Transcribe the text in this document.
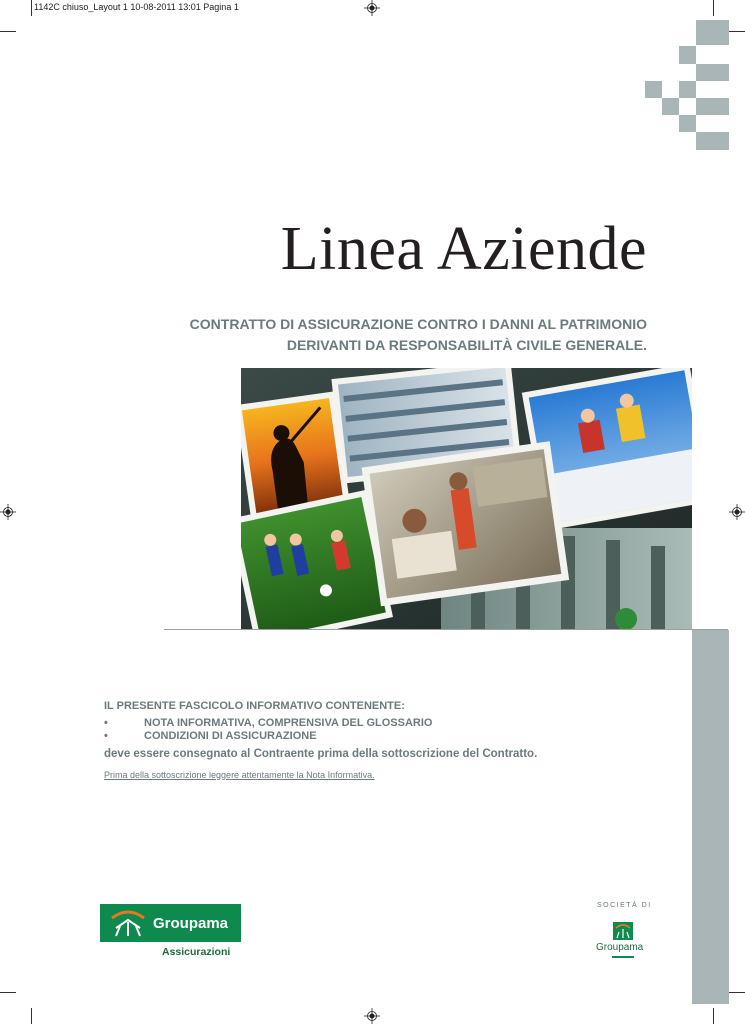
1142C chiuso_Layout 1 10-08-2011 13:01 Pagina 1
Linea Aziende
CONTRATTO DI ASSICURAZIONE CONTRO I DANNI AL PATRIMONIO
DERIVANTI DA RESPONSABILITÀ CIVILE GENERALE.
IL PRESENTE FASCICOLO INFORMATIVO CONTENENTE:
•	NOTA INFORMATIVA, COMPRENSIVA DEL GLOSSARIO
•	CONDIZIONI DI ASSICURAZIONE
deve essere consegnato al Contraente prima della sottoscrizione del Contratto.
Prima della sottoscrizione leggere attentamente la Nota Informativa.
Groupama
Assicurazioni
SOCIETÀ DI
Groupama
